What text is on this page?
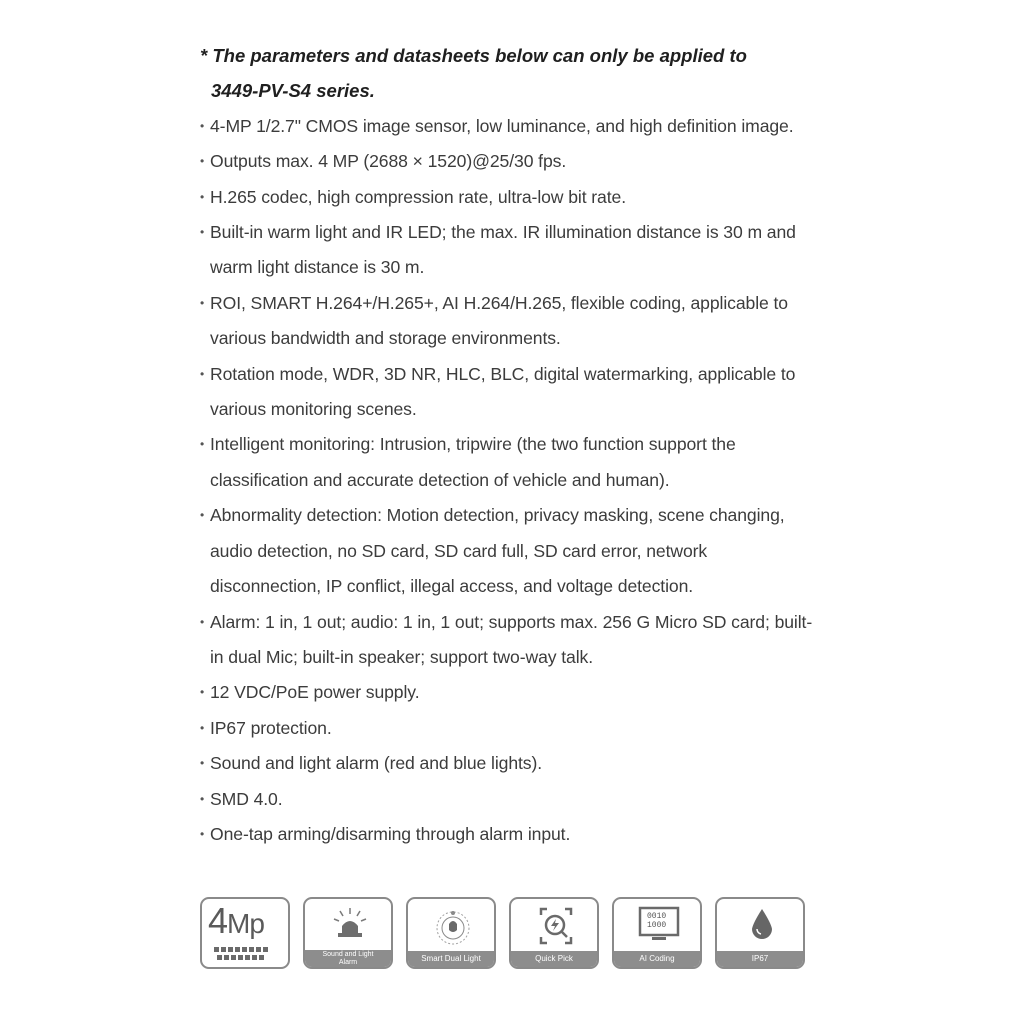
* The parameters and datasheets below can only be applied to
3449-PV-S4 series.

• 4-MP 1/2.7" CMOS image sensor, low luminance, and high definition image.
• Outputs max. 4 MP (2688 × 1520)@25/30 fps.
• H.265 codec, high compression rate, ultra-low bit rate.
• Built-in warm light and IR LED; the max. IR illumination distance is 30 m and warm light distance is 30 m.
• ROI, SMART H.264+/H.265+, AI H.264/H.265, flexible coding, applicable to various bandwidth and storage environments.
• Rotation mode, WDR, 3D NR, HLC, BLC, digital watermarking, applicable to various monitoring scenes.
• Intelligent monitoring: Intrusion, tripwire (the two function support the classification and accurate detection of vehicle and human).
• Abnormality detection: Motion detection, privacy masking, scene changing, audio detection, no SD card, SD card full, SD card error, network disconnection, IP conflict, illegal access, and voltage detection.
• Alarm: 1 in, 1 out; audio: 1 in, 1 out; supports max. 256 G Micro SD card; built-in dual Mic; built-in speaker; support two-way talk.
• 12 VDC/PoE power supply.
• IP67 protection.
• Sound and light alarm (red and blue lights).
• SMD 4.0.
• One-tap arming/disarming through alarm input.
4Mp
Sound and Light
Alarm	Smart Dual Light	Quick Pick
0010
1000
AI Coding	IP67
